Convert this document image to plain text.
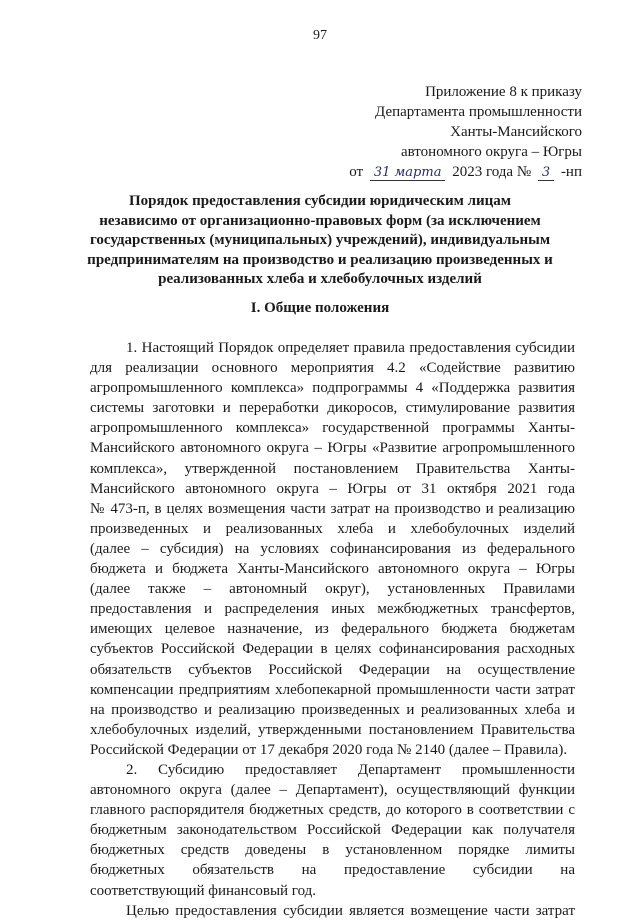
97
Приложение 8 к приказу
Департамента промышленности
Ханты-Мансийского
автономного округа – Югры
от 31 марта 2023 года № 3 -нп
Порядок предоставления субсидии юридическим лицам
независимо от организационно-правовых форм (за исключением
государственных (муниципальных) учреждений), индивидуальным
предпринимателям на производство и реализацию произведенных и
реализованных хлеба и хлебобулочных изделий
I. Общие положения
1. Настоящий Порядок определяет правила предоставления субсидии
для реализации основного мероприятия 4.2 «Содействие развитию
агропромышленного комплекса» подпрограммы 4 «Поддержка развития
системы заготовки и переработки дикоросов, стимулирование развития
агропромышленного комплекса» государственной программы Ханты-
Мансийского автономного округа – Югры «Развитие агропромышленного
комплекса», утвержденной постановлением Правительства Ханты-
Мансийского автономного округа – Югры от 31 октября 2021 года
№ 473-п, в целях возмещения части затрат на производство и реализацию
произведенных и реализованных хлеба и хлебобулочных изделий
(далее – субсидия) на условиях софинансирования из федерального
бюджета и бюджета Ханты-Мансийского автономного округа – Югры
(далее также – автономный округ), установленных Правилами
предоставления и распределения иных межбюджетных трансфертов,
имеющих целевое назначение, из федерального бюджета бюджетам
субъектов Российской Федерации в целях софинансирования расходных
обязательств субъектов Российской Федерации на осуществление
компенсации предприятиям хлебопекарной промышленности части затрат
на производство и реализацию произведенных и реализованных хлеба и
хлебобулочных изделий, утвержденными постановлением Правительства
Российской Федерации от 17 декабря 2020 года № 2140 (далее – Правила).
2. Субсидию предоставляет Департамент промышленности
автономного округа (далее – Департамент), осуществляющий функции
главного распорядителя бюджетных средств, до которого в соответствии с
бюджетным законодательством Российской Федерации как получателя
бюджетных средств доведены в установленном порядке лимиты
бюджетных обязательств на предоставление субсидии на
соответствующий финансовый год.
Целью предоставления субсидии является возмещение части затрат
